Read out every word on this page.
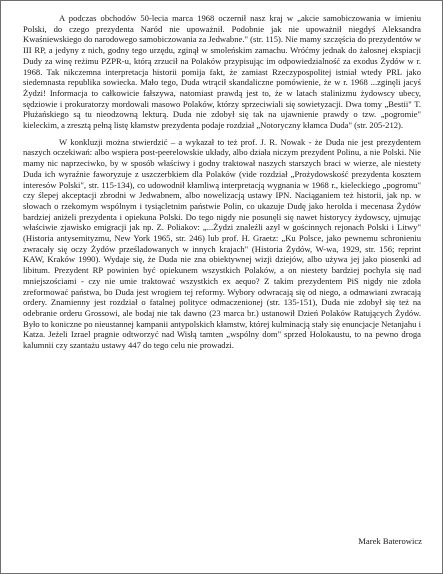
A podczas obchodów 50-lecia marca 1968 oczernił nasz kraj w „akcie samobiczowania w imieniu Polski, do czego prezydenta Naród nie upoważnił. Podobnie jak nie upoważnił niegdyś Aleksandra Kwaśniewskiego do narodowego samobiczowania za Jedwabne." (str. 115). Nie mamy szczęścia do prezydentów w III RP, a jedyny z nich, godny tego urzędu, zginął w smoleńskim zamachu. Wróćmy jednak do żałosnej ekspiacji Dudy za winę reżimu PZPR-u, którą zrzucił na Polaków przypisując im odpowiedzialność za exodus Żydów w r. 1968. Tak nikczemna interpretacja historii pomija fakt, że zamiast Rzeczypospolitej istniał wtedy PRL jako siedemnasta republika sowiecka. Mało tego, Duda wtrącił skandaliczne pomówienie, że w r. 1968 ...zginęli jacyś Żydzi! Informacja to całkowicie fałszywa, natomiast prawdą jest to, że w latach stalinizmu żydowscy ubecy, sędziowie i prokuratorzy mordowali masowo Polaków, którzy sprzeciwiali się sowietyzacji. Dwa tomy „Bestii" T. Płużańskiego są tu nieodzowną lekturą. Duda nie zdobył się tak na ujawnienie prawdy o tzw. „pogromie" kieleckim, a zresztą pełną listę kłamstw prezydenta podaje rozdział „Notoryczny kłamca Duda" (str. 205-212).

W konkluzji można stwierdzić – a wykazał to też prof. J. R. Nowak - że Duda nie jest prezydentem naszych oczekiwań: albo wspiera post-peerelowskie układy, albo działa niczym prezydent Polinu, a nie Polski. Nie mamy nic naprzeciwko, by w sposób właściwy i godny traktował naszych starszych braci w wierze, ale niestety Duda ich wyraźnie faworyzuje z uszczerbkiem dla Polaków (vide rozdział „Prożydowskość prezydenta kosztem interesów Polski", str. 115-134), co udowodnił kłamliwą interpretacją wygnania w 1968 r., kieleckiego „pogromu" czy ślepej akceptacji zbrodni w Jedwabnem, albo nowelizacją ustawy IPN. Naciąganiem też historii, jak np. w słowach o rzekomym wspólnym i tysiącletnim państwie Polin, co ukazuje Dudę jako herolda i mecenasa Żydów bardziej aniżeli prezydenta i opiekuna Polski. Do tego nigdy nie posunęli się nawet historycy żydowscy, ujmując właściwie zjawisko emigracji jak np. Z. Poliakov: „...Żydzi znaleźli azyl w gościnnych rejonach Polski i Litwy" (Historia antysemityzmu, New York 1965, str. 246) lub prof. H. Graetz: „Ku Polsce, jako pewnemu schronieniu zwracały się oczy Żydów prześladowanych w innych krajach" (Historia Żydów, W-wa, 1929, str. 156; reprint KAW, Kraków 1990). Wydaje się, że Duda nie zna obiektywnej wizji dziejów, albo używa jej jako piosenki ad libitum. Prezydent RP powinien być opiekunem wszystkich Polaków, a on niestety bardziej pochyla się nad mniejszościami - czy nie umie traktować wszystkich ex aequo? Z takim prezydentem PiS nigdy nie zdoła zreformować państwa, bo Duda jest wrogiem tej reformy. Wybory odwracają się od niego, a odmawiani zwracają ordery. Znamienny jest rozdział o fatalnej polityce odmaczenionej (str. 135-151), Duda nie zdobył się też na odebranie orderu Grossowi, ale bodaj nie tak dawno (23 marca br.) ustanowił Dzień Polaków Ratujących Żydów. Było to koniczne po nieustannej kampanii antypolskich kłamstw, której kulminacją stały się enuncjacje Netanjahu i Katza. Jeżeli Izrael pragnie odtworzyć nad Wisłą tamten „wspólny dom" sprzed Holokaustu, to na pewno droga kalumnii czy szantażu ustawy 447 do tego celu nie prowadzi.

Marek Baterowicz
